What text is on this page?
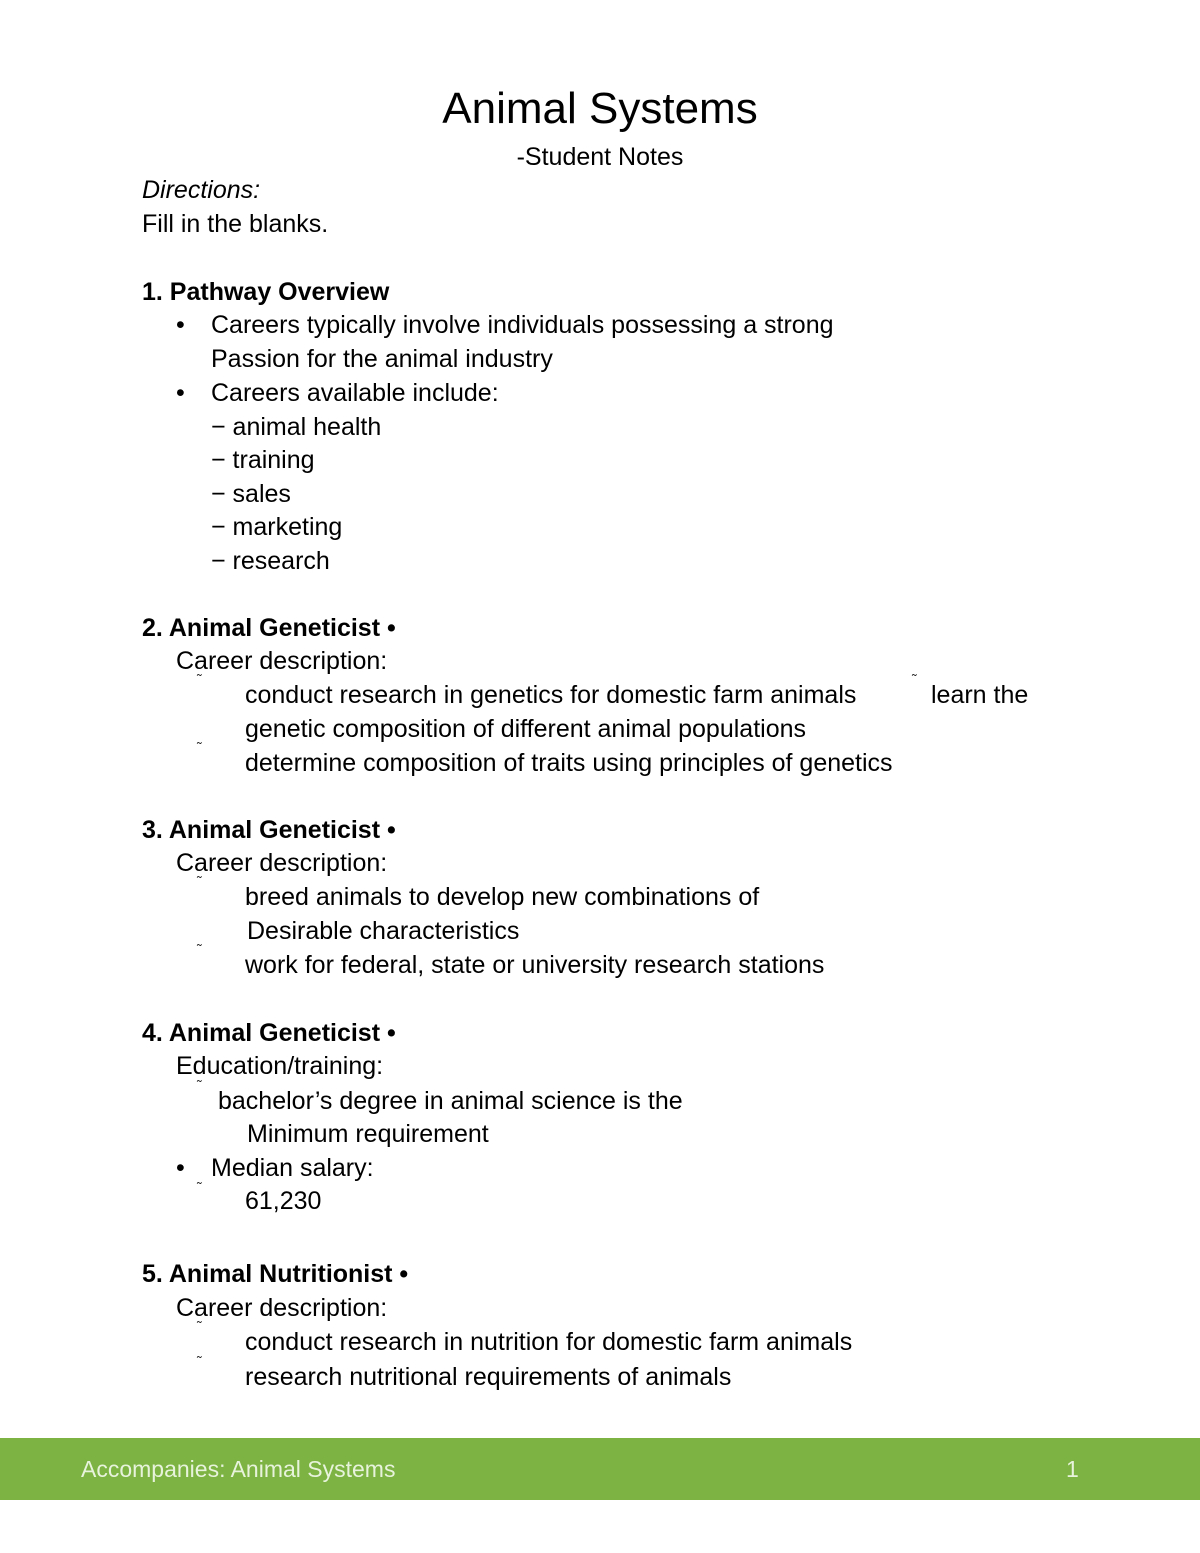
Animal Systems
-Student Notes
Directions:
Fill in the blanks.
1. Pathway Overview
• Careers typically involve individuals possessing a strong
Passion for the animal industry
• Careers available include:
− animal health
− training
− sales
− marketing
− research
2. Animal Geneticist •
Career description:
˜
conduct research in genetics for domestic farm animals
˜
learn the
genetic composition of different animal populations
˜
determine composition of traits using principles of genetics
3. Animal Geneticist •
Career description:
˜
breed animals to develop new combinations of
Desirable characteristics
˜
work for federal, state or university research stations
4. Animal Geneticist •
Education/training:
˜
bachelor’s degree in animal science is the
Minimum requirement
• Median salary:
˜ 61,230
5. Animal Nutritionist •
Career description:
˜
conduct research in nutrition for domestic farm animals
˜
research nutritional requirements of animals
Accompanies: Animal Systems	1
